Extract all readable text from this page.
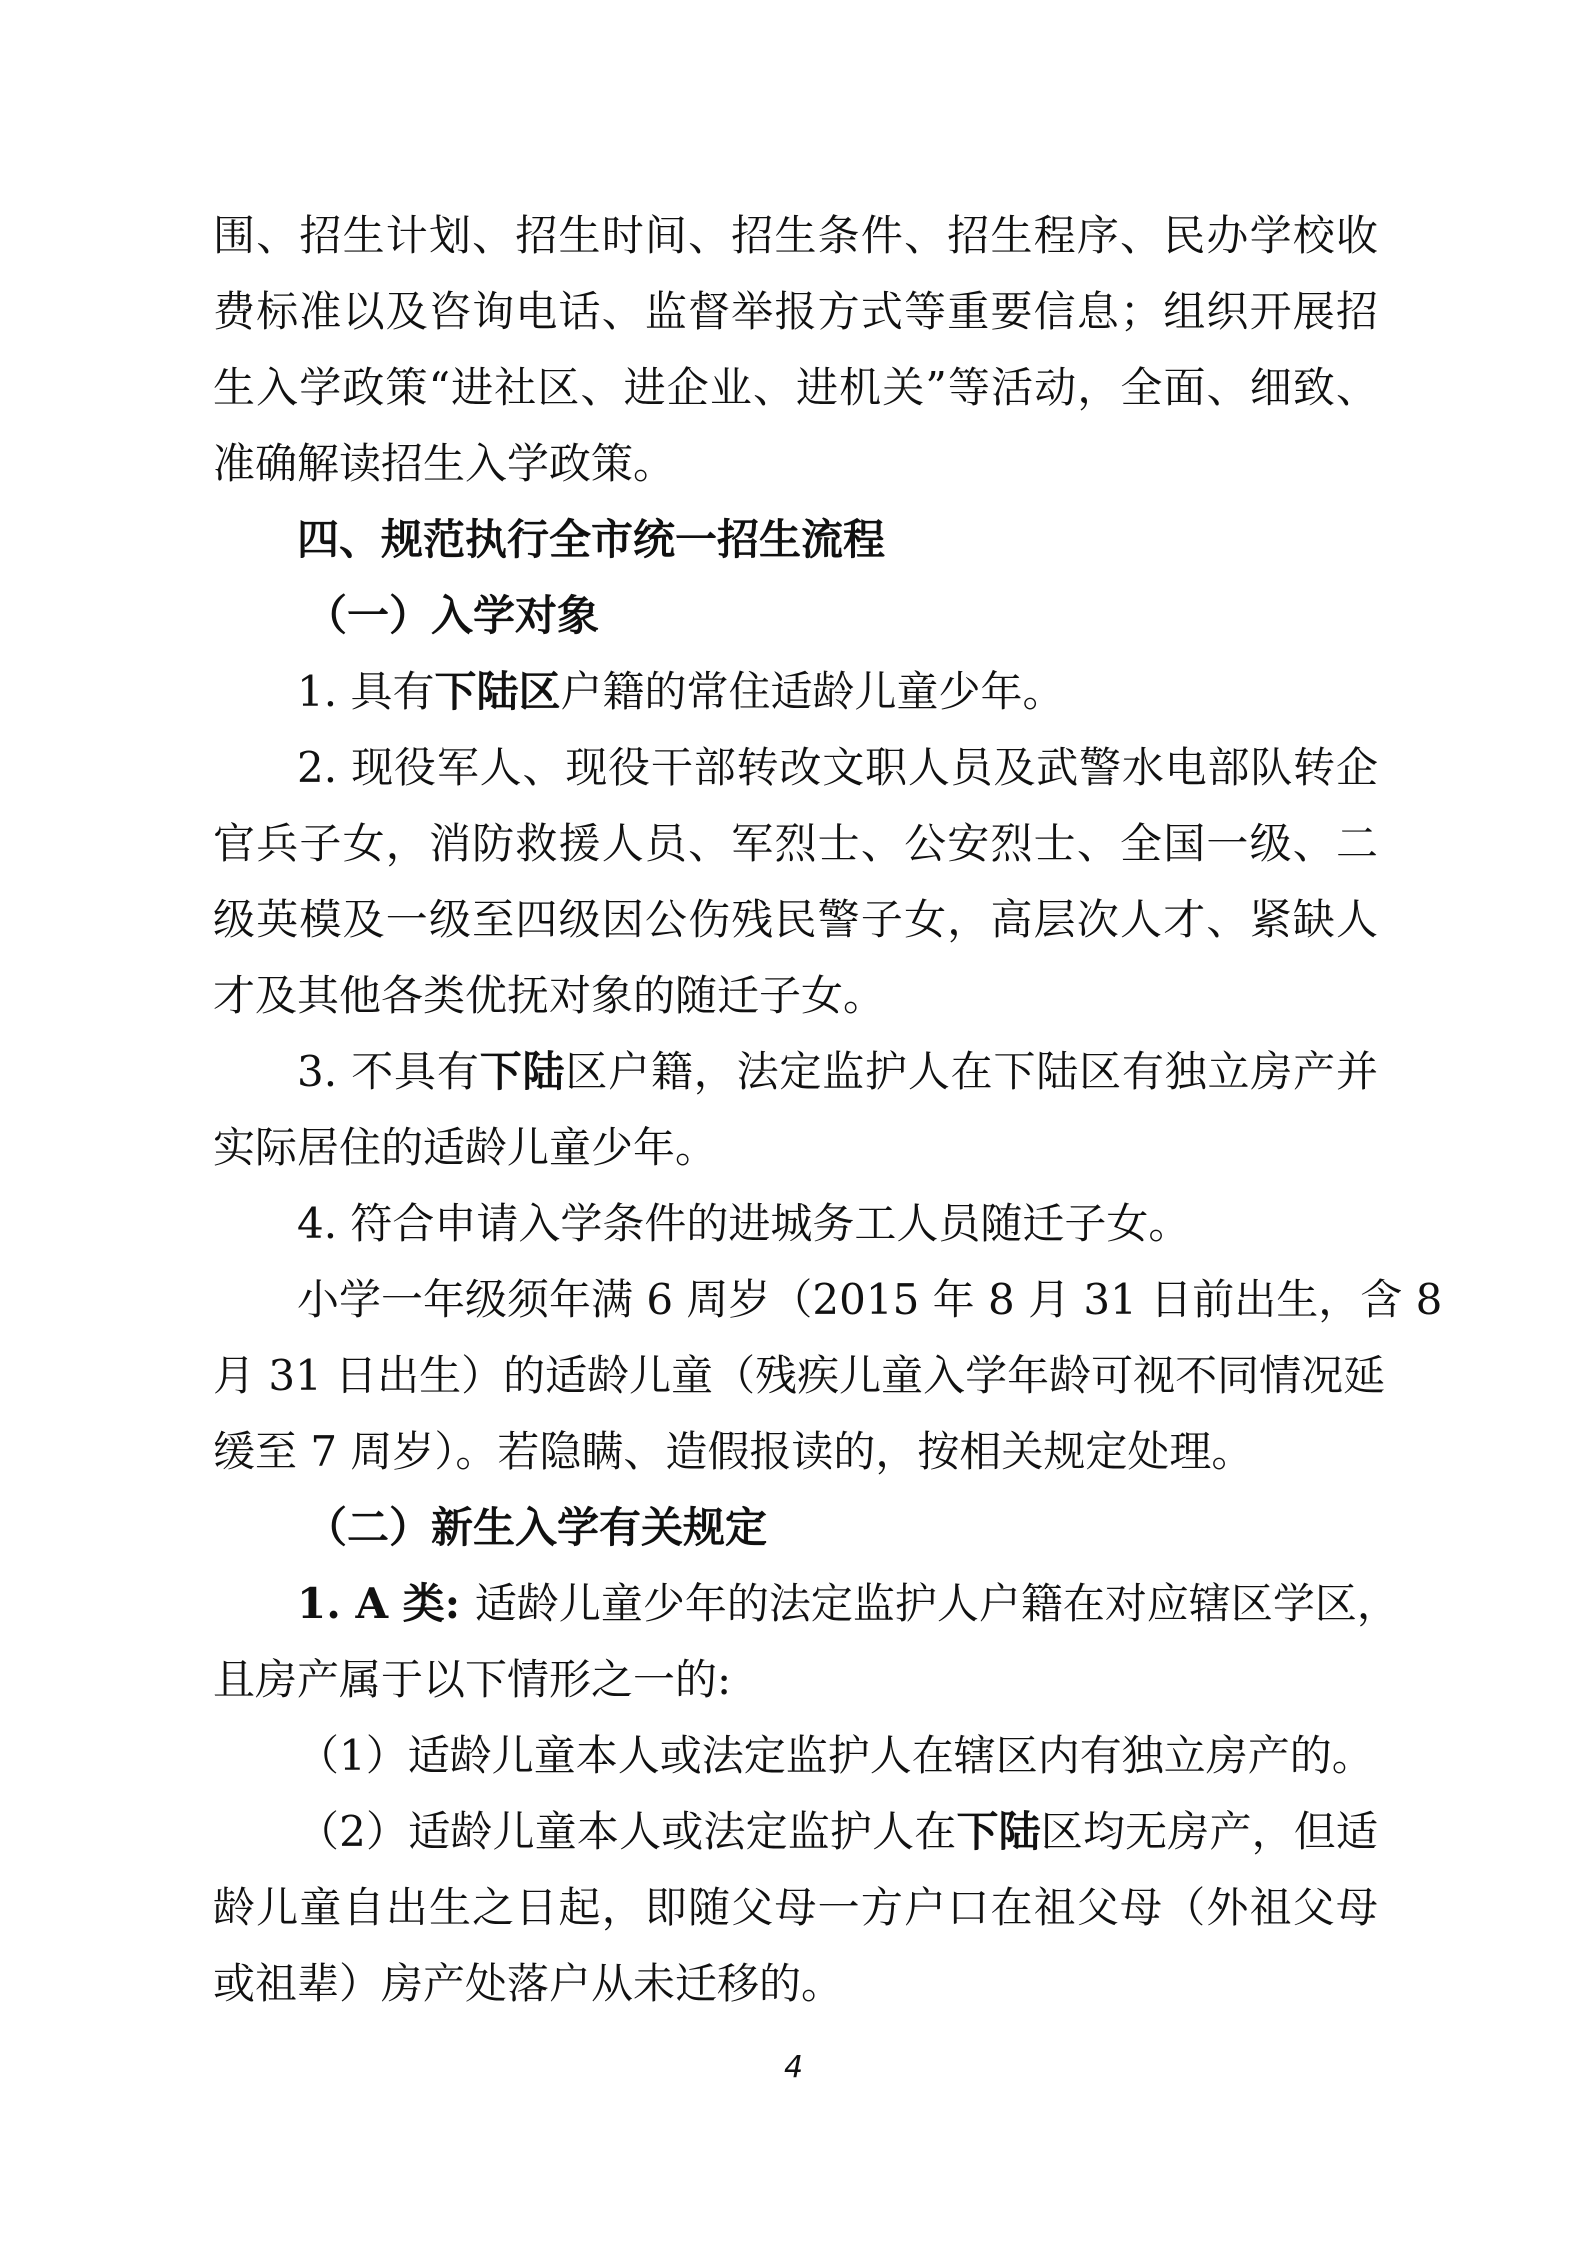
围、招生计划、招生时间、招生条件、招生程序、民办学校收
费标准以及咨询电话、监督举报方式等重要信息；组织开展招
生入学政策“进社区、进企业、进机关”等活动，全面、细致、
准确解读招生入学政策。
四、规范执行全市统一招生流程
（一）入学对象
1. 具有下陆区户籍的常住适龄儿童少年。
2. 现役军人、现役干部转改文职人员及武警水电部队转企
官兵子女，消防救援人员、军烈士、公安烈士、全国一级、二
级英模及一级至四级因公伤残民警子女，高层次人才、紧缺人
才及其他各类优抚对象的随迁子女。
3. 不具有下陆区户籍，法定监护人在下陆区有独立房产并
实际居住的适龄儿童少年。
4. 符合申请入学条件的进城务工人员随迁子女。
小学一年级须年满 6 周岁（2015 年 8 月 31 日前出生，含 8
月 31 日出生）的适龄儿童（残疾儿童入学年龄可视不同情况延
缓至 7 周岁）。若隐瞒、造假报读的，按相关规定处理。
（二）新生入学有关规定
1. A 类: 适龄儿童少年的法定监护人户籍在对应辖区学区，
且房产属于以下情形之一的:
（1）适龄儿童本人或法定监护人在辖区内有独立房产的。
（2）适龄儿童本人或法定监护人在下陆区均无房产，但适
龄儿童自出生之日起，即随父母一方户口在祖父母（外祖父母
或祖辈）房产处落户从未迁移的。
4
